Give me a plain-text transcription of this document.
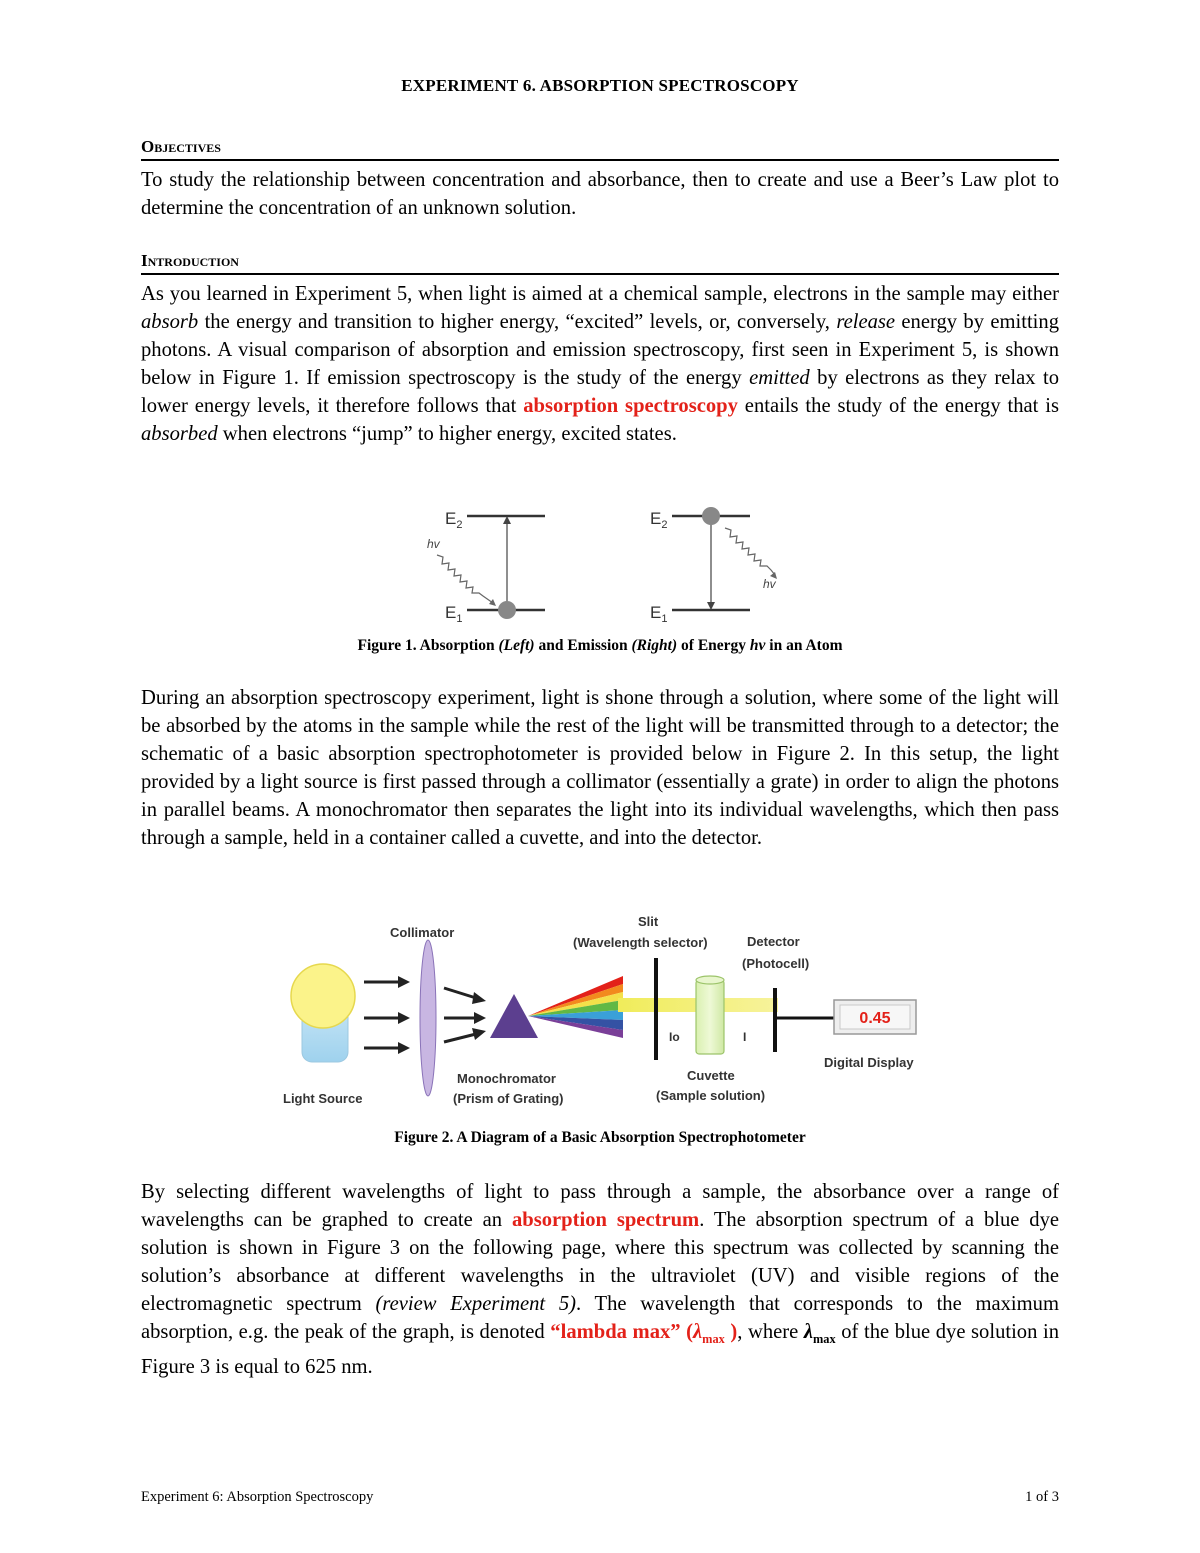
EXPERIMENT 6. ABSORPTION SPECTROSCOPY
Objectives

To study the relationship between concentration and absorbance, then to create and use a Beer’s Law plot to determine the concentration of an unknown solution.

Introduction

As you learned in Experiment 5, when light is aimed at a chemical sample, electrons in the sample may either absorb the energy and transition to higher energy, “excited” levels, or, conversely, release energy by emitting photons. A visual comparison of absorption and emission spectroscopy, first seen in Experiment 5, is shown below in Figure 1. If emission spectroscopy is the study of the energy emitted by electrons as they relax to lower energy levels, it therefore follows that absorption spectroscopy entails the study of the energy that is absorbed when electrons “jump” to higher energy, excited states.

$E_2$
$E_1$
hv
$E_2$
$E_1$
hv
Figure 1. Absorption (Left) and Emission (Right) of Energy hν in an Atom

During an absorption spectroscopy experiment, light is shone through a solution, where some of the light will be absorbed by the atoms in the sample while the rest of the light will be transmitted through to a detector; the schematic of a basic absorption spectrophotometer is provided below in Figure 2. In this setup, the light provided by a light source is first passed through a collimator (essentially a grate) in order to align the photons in parallel beams. A monochromator then separates the light into its individual wavelengths, which then pass through a sample, held in a container called a cuvette, and into the detector.

Light Source
Collimator
Slit
(Wavelength selector)
Io	I
Cuvette
(Sample solution)
Detector
(Photocell)
0.45
Digital Display
Monochromator
(Prism of Grating)
Figure 2. A Diagram of a Basic Absorption Spectrophotometer

By selecting different wavelengths of light to pass through a sample, the absorbance over a range of wavelengths can be graphed to create an absorption spectrum. The absorption spectrum of a blue dye solution is shown in Figure 3 on the following page, where this spectrum was collected by scanning the solution’s absorbance at different wavelengths in the ultraviolet (UV) and visible regions of the electromagnetic spectrum (review Experiment 5). The wavelength that corresponds to the maximum absorption, e.g. the peak of the graph, is denoted “lambda max” ($\lambda_{max}$ ), where $\lambda_{max}$ of the blue dye solution in Figure 3 is equal to 625 nm.

Experiment 6: Absorption Spectroscopy	1 of 3
